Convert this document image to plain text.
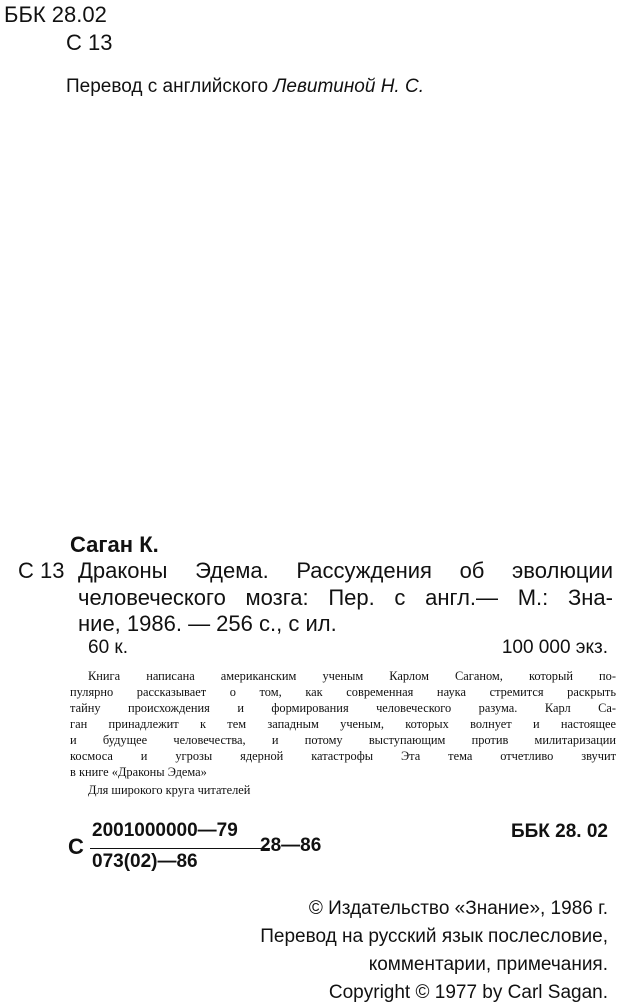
ББК 28.02
С 13
Перевод с английского Левитиной Н. С.
Саган К.
С 13 Драконы Эдема. Рассуждения об эволюции
человеческого мозга: Пер. с англ.— М.: Зна-
ние, 1986. — 256 с., с ил.
60 к.	100 000 экз.
Книга написана американским ученым Карлом Саганом, который по-
пулярно рассказывает о том, как современная наука стремится раскрыть
тайну происхождения и формирования человеческого разума. Карл Са-
ган принадлежит к тем западным ученым, которых волнует и настоящее
и будущее человечества, и потому выступающим против милитаризации
космоса и угрозы ядерной катастрофы Эта тема отчетливо звучит
в книге «Драконы Эдема»
Для широкого круга читателей
С
2001000000—79
073(02)—86
28—86
ББК 28. 02
© Издательство «Знание», 1986 г.
Перевод на русский язык послесловие,
комментарии, примечания.
Copyright © 1977 by Carl Sagan.
